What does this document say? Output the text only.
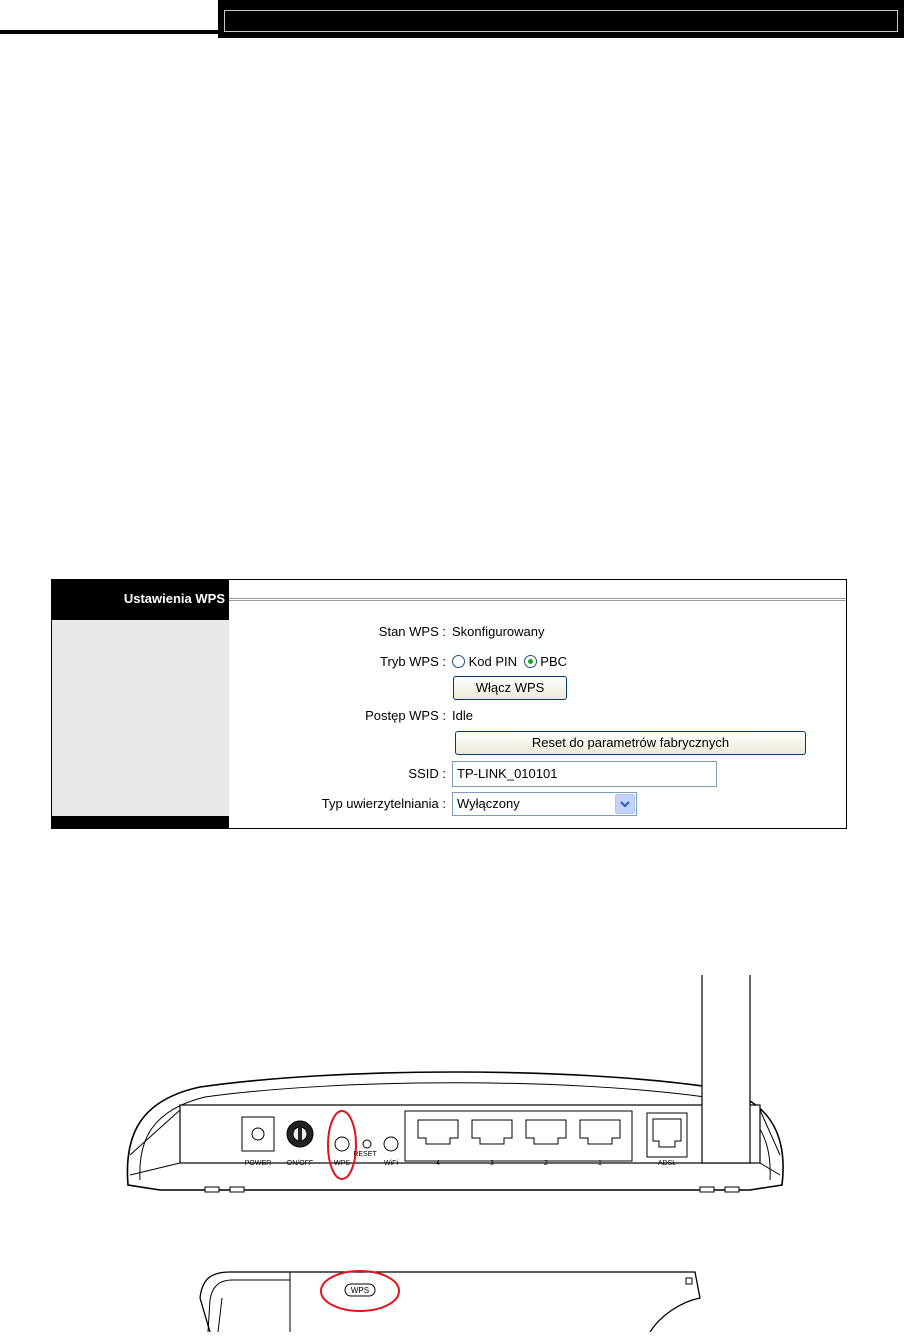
Ustawienia WPS
Stan WPS : Skonfigurowany
Tryb WPS :	Kod PIN PBC
Włącz WPS
Postęp WPS : Idle
Reset do parametrów fabrycznych
SSID : TP-LINK_010101
Typ uwierzytelniania : Wyłączony
POWER ON/OFF	WPS
RESET
WiFi	4	3	2	1	ADSL
WPS
